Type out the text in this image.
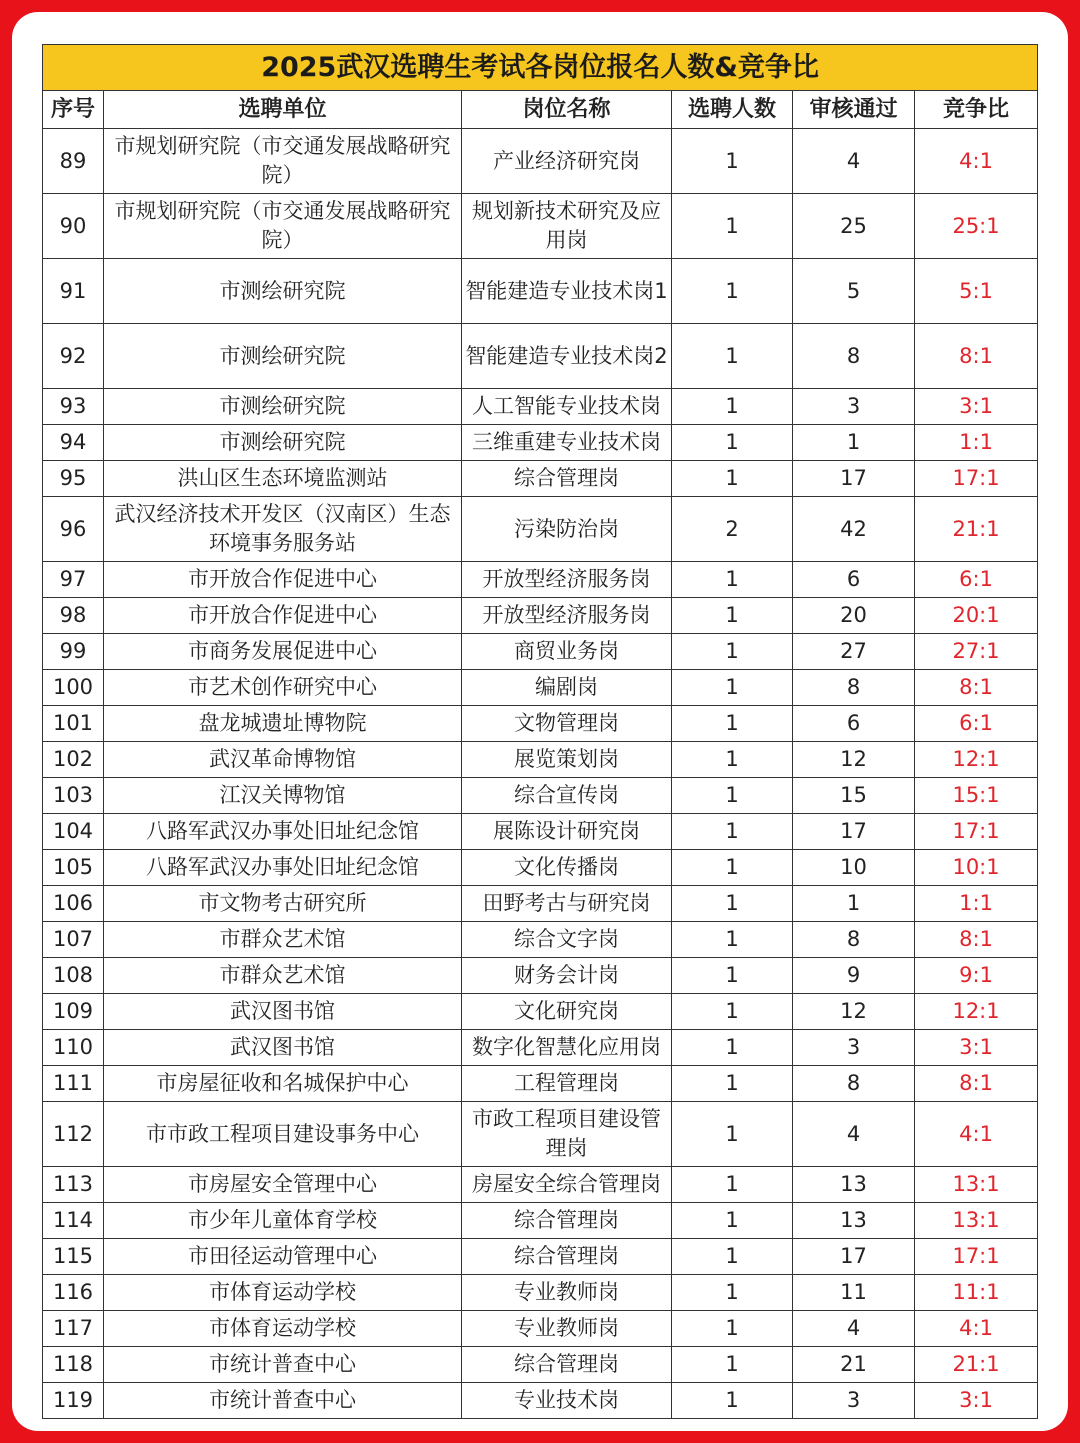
2025武汉选聘生考试各岗位报名人数&竞争比					
序号	选聘单位	岗位名称	选聘人数	审核通过	竞争比
89	市规划研究院（市交通发展战略研究院）	产业经济研究岗	1	4	4:1
90	市规划研究院（市交通发展战略研究院）	规划新技术研究及应用岗	1	25	25:1
91	市测绘研究院	智能建造专业技术岗1	1	5	5:1
92	市测绘研究院	智能建造专业技术岗2	1	8	8:1
93	市测绘研究院	人工智能专业技术岗	1	3	3:1
94	市测绘研究院	三维重建专业技术岗	1	1	1:1
95	洪山区生态环境监测站	综合管理岗	1	17	17:1
96	武汉经济技术开发区（汉南区）生态环境事务服务站	污染防治岗	2	42	21:1
97	市开放合作促进中心	开放型经济服务岗	1	6	6:1
98	市开放合作促进中心	开放型经济服务岗	1	20	20:1
99	市商务发展促进中心	商贸业务岗	1	27	27:1
100	市艺术创作研究中心	编剧岗	1	8	8:1
101	盘龙城遗址博物院	文物管理岗	1	6	6:1
102	武汉革命博物馆	展览策划岗	1	12	12:1
103	江汉关博物馆	综合宣传岗	1	15	15:1
104	八路军武汉办事处旧址纪念馆	展陈设计研究岗	1	17	17:1
105	八路军武汉办事处旧址纪念馆	文化传播岗	1	10	10:1
106	市文物考古研究所	田野考古与研究岗	1	1	1:1
107	市群众艺术馆	综合文字岗	1	8	8:1
108	市群众艺术馆	财务会计岗	1	9	9:1
109	武汉图书馆	文化研究岗	1	12	12:1
110	武汉图书馆	数字化智慧化应用岗	1	3	3:1
111	市房屋征收和名城保护中心	工程管理岗	1	8	8:1
112	市市政工程项目建设事务中心	市政工程项目建设管理岗	1	4	4:1
113	市房屋安全管理中心	房屋安全综合管理岗	1	13	13:1
114	市少年儿童体育学校	综合管理岗	1	13	13:1
115	市田径运动管理中心	综合管理岗	1	17	17:1
116	市体育运动学校	专业教师岗	1	11	11:1
117	市体育运动学校	专业教师岗	1	4	4:1
118	市统计普查中心	综合管理岗	1	21	21:1
119	市统计普查中心	专业技术岗	1	3	3:1
